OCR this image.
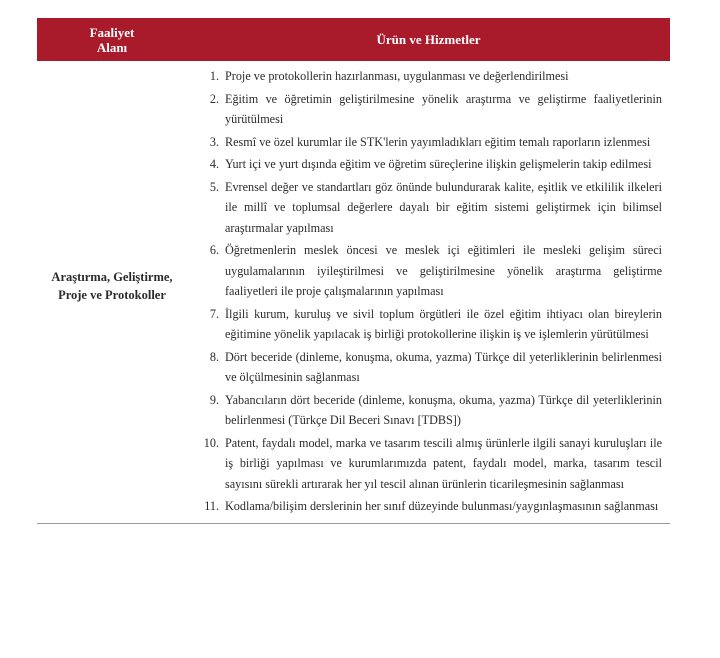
Faaliyet
Alanı
Ürün ve Hizmetler
Araştırma, Geliştirme,
Proje ve Protokoller
1. Proje ve protokollerin hazırlanması, uygulanması ve değerlendirilmesi
2. Eğitim ve öğretimin geliştirilmesine yönelik araştırma ve geliştirme faaliyetlerinin yürütülmesi
3. Resmî ve özel kurumlar ile STK'lerin yayımladıkları eğitim temalı raporların izlenmesi
4. Yurt içi ve yurt dışında eğitim ve öğretim süreçlerine ilişkin gelişmelerin takip edilmesi
5. Evrensel değer ve standartları göz önünde bulundurarak kalite, eşitlik ve etkililik ilkeleri ile millî ve toplumsal değerlere dayalı bir eğitim sistemi geliştirmek için bilimsel araştırmalar yapılması
6. Öğretmenlerin meslek öncesi ve meslek içi eğitimleri ile mesleki gelişim süreci uygulamalarının iyileştirilmesi ve geliştirilmesine yönelik araştırma geliştirme faaliyetleri ile proje çalışmalarının yapılması
7. İlgili kurum, kuruluş ve sivil toplum örgütleri ile özel eğitim ihtiyacı olan bireylerin eğitimine yönelik yapılacak iş birliği protokollerine ilişkin iş ve işlemlerin yürütülmesi
8. Dört beceride (dinleme, konuşma, okuma, yazma) Türkçe dil yeterliklerinin belirlenmesi ve ölçülmesinin sağlanması
9. Yabancıların dört beceride (dinleme, konuşma, okuma, yazma) Türkçe dil yeterliklerinin belirlenmesi (Türkçe Dil Beceri Sınavı [TDBS])
10. Patent, faydalı model, marka ve tasarım tescili almış ürünlerle ilgili sanayi kuruluşları ile iş birliği yapılması ve kurumlarımızda patent, faydalı model, marka, tasarım tescil sayısını sürekli artırarak her yıl tescil alınan ürünlerin ticarileşmesinin sağlanması
11. Kodlama/bilişim derslerinin her sınıf düzeyinde bulunması/yaygınlaşmasının sağlanması
